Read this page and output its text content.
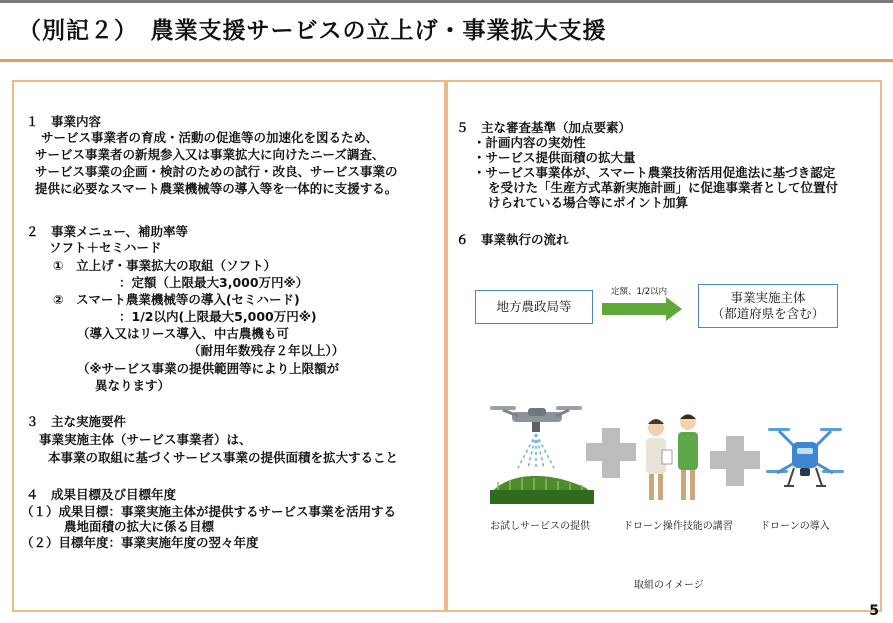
（別記２）　農業支援サービスの立上げ・事業拡大支援
１　事業内容
サービス事業者の育成・活動の促進等の加速化を図るため、
サービス事業者の新規参入又は事業拡大に向けたニーズ調査、
サービス事業の企画・検討のための試行・改良、サービス事業の
提供に必要なスマート農業機械等の導入等を一体的に支援する。
２　事業メニュー、補助率等
ソフト＋セミハード
①　立上げ・事業拡大の取組（ソフト）
：定額（上限最大3,000万円※）
②　スマート農業機械等の導入(セミハード)
：1/2以内(上限最大5,000万円※)
（導入又はリース導入、中古農機も可
（耐用年数残存２年以上））
（※サービス事業の提供範囲等により上限額が
異なります）
３　主な実施要件
事業実施主体（サービス事業者）は、
本事業の取組に基づくサービス事業の提供面積を拡大すること
４　成果目標及び目標年度
（１）成果目標：事業実施主体が提供するサービス事業を活用する
農地面積の拡大に係る目標
（２）目標年度：事業実施年度の翌々年度
５　主な審査基準（加点要素）
・計画内容の実効性
・サービス提供面積の拡大量
・サービス事業体が、スマート農業技術活用促進法に基づき認定
を受けた「生産方式革新実施計画」に促進事業者として位置付
けられている場合等にポイント加算
６　事業執行の流れ
地方農政局等
定額、1/2以内	事業実施主体
（都道府県を含む）
お試しサービスの提供	ドローン操作技能の講習	ドローンの導入
取組のイメージ
5
